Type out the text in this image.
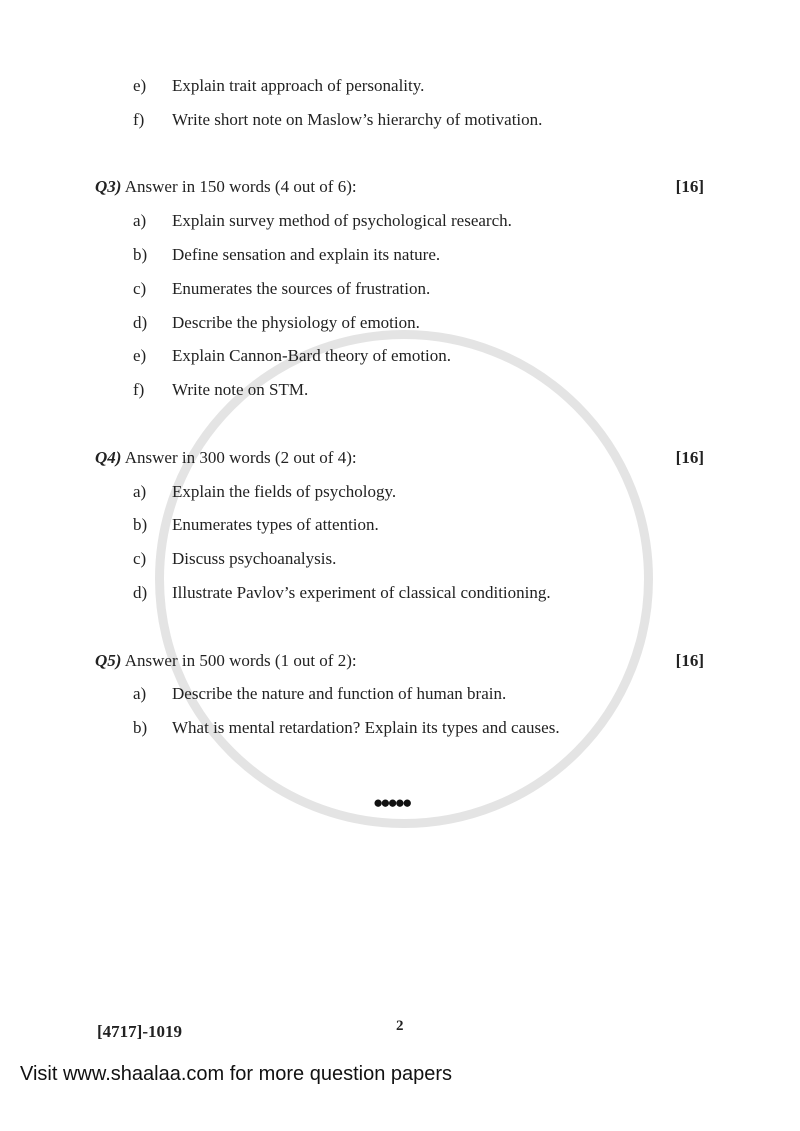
e) Explain trait approach of personality.
f) Write short note on Maslow’s hierarchy of motivation.
Q3) Answer in 150 words (4 out of 6):	[16]
a) Explain survey method of psychological research.
b) Define sensation and explain its nature.
c) Enumerates the sources of frustration.
d) Describe the physiology of emotion.
e) Explain Cannon-Bard theory of emotion.
f) Write note on STM.
Q4) Answer in 300 words (2 out of 4):	[16]
a) Explain the fields of psychology.
b) Enumerates types of attention.
c) Discuss psychoanalysis.
d) Illustrate Pavlov’s experiment of classical conditioning.
Q5) Answer in 500 words (1 out of 2):	[16]
a) Describe the nature and function of human brain.
b) What is mental retardation? Explain its types and causes.
●●●●●
[4717]-1019	2
Visit www.shaalaa.com for more question papers
